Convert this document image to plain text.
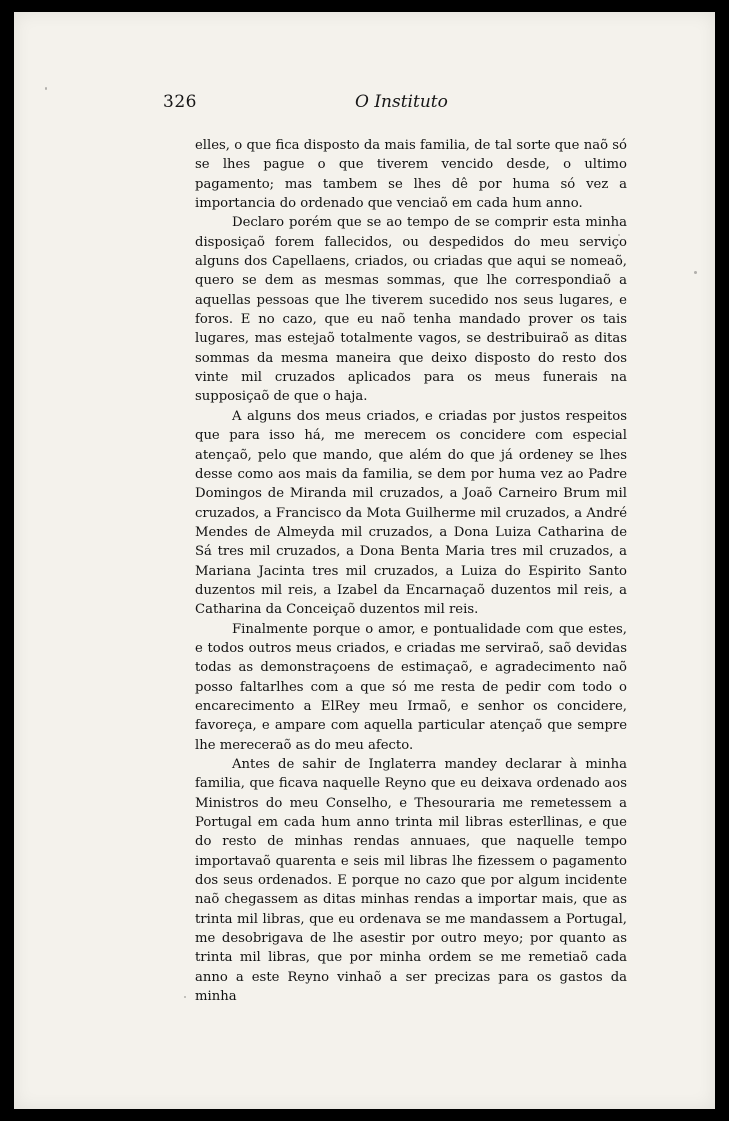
326	O Instituto

elles, o que fica disposto da mais familia, de tal sorte que naõ só se lhes pague o que tiverem vencido desde, o ultimo pagamento; mas tambem se lhes dê por huma só vez a importancia do ordenado que venciaõ em cada hum anno.

Declaro porém que se ao tempo de se comprir esta minha disposiçaõ forem fallecidos, ou despedidos do meu serviço alguns dos Capellaens, criados, ou criadas que aqui se nomeaõ, quero se dem as mesmas sommas, que lhe correspondiaõ a aquellas pessoas que lhe tiverem sucedido nos seus lugares, e foros. E no cazo, que eu naõ tenha mandado prover os tais lugares, mas estejaõ totalmente vagos, se destribuiraõ as ditas sommas da mesma maneira que deixo disposto do resto dos vinte mil cruzados aplicados para os meus funerais na supposiçaõ de que o haja.

A alguns dos meus criados, e criadas por justos respeitos que para isso há, me merecem os concidere com especial atençaõ, pelo que mando, que além do que já ordeney se lhes desse como aos mais da familia, se dem por huma vez ao Padre Domingos de Miranda mil cruzados, a Joaõ Carneiro Brum mil cruzados, a Francisco da Mota Guilherme mil cruzados, a André Mendes de Almeyda mil cruzados, a Dona Luiza Catharina de Sá tres mil cruzados, a Dona Benta Maria tres mil cruzados, a Mariana Jacinta tres mil cruzados, a Luiza do Espirito Santo duzentos mil reis, a Izabel da Encarnaçaõ duzentos mil reis, a Catharina da Conceiçaõ duzentos mil reis.

Finalmente porque o amor, e pontualidade com que estes, e todos outros meus criados, e criadas me serviraõ, saõ devidas todas as demonstraçoens de estimaçaõ, e agradecimento naõ posso faltarlhes com a que só me resta de pedir com todo o encarecimento a ElRey meu Irmaõ, e senhor os concidere, favoreça, e ampare com aquella particular atençaõ que sempre lhe mereceraõ as do meu afecto.

Antes de sahir de Inglaterra mandey declarar à minha familia, que ficava naquelle Reyno que eu deixava ordenado aos Ministros do meu Conselho, e Thesouraria me remetessem a Portugal em cada hum anno trinta mil libras esterllinas, e que do resto de minhas rendas annuaes, que naquelle tempo importavaõ quarenta e seis mil libras lhe fizessem o pagamento dos seus ordenados. E porque no cazo que por algum incidente naõ chegassem as ditas minhas rendas a importar mais, que as trinta mil libras, que eu ordenava se me mandassem a Portugal, me desobrigava de lhe asestir por outro meyo; por quanto as trinta mil libras, que por minha ordem se me remetiaõ cada anno a este Reyno vinhaõ a ser precizas para os gastos da minha
